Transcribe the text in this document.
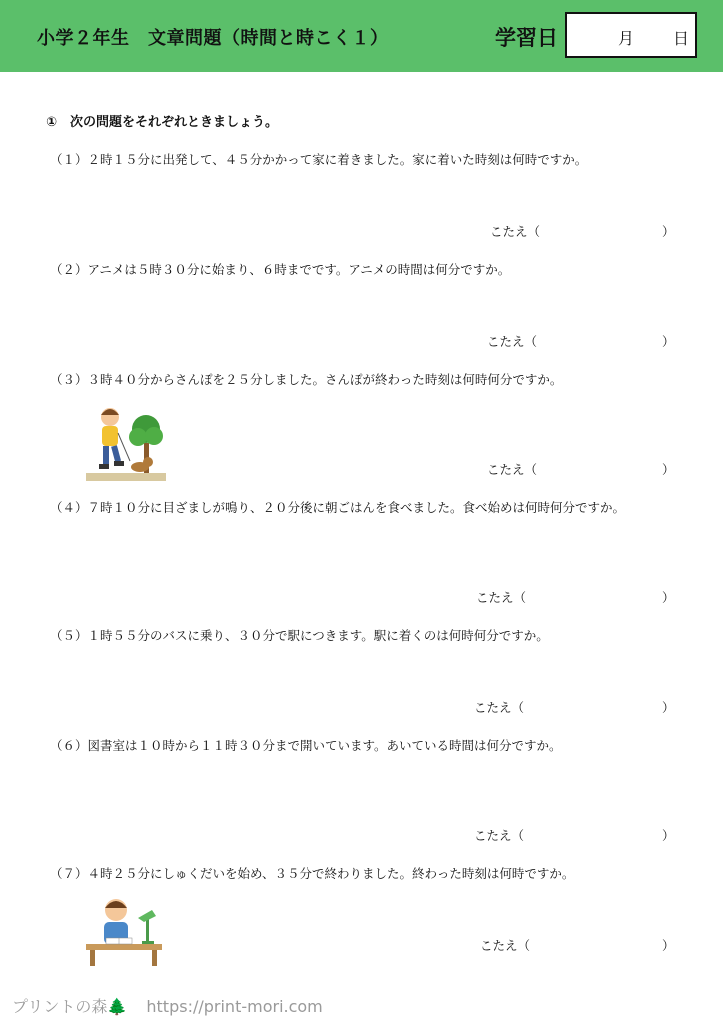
小学２年生　文章問題（時間と時こく１）	学習日	月 日
①　次の問題をそれぞれときましょう。
（１）２時１５分に出発して、４５分かかって家に着きました。家に着いた時刻は何時ですか。
こたえ（	）
（２）アニメは５時３０分に始まり、６時までです。アニメの時間は何分ですか。
こたえ（	）
（３）３時４０分からさんぽを２５分しました。さんぽが終わった時刻は何時何分ですか。
こたえ（	）
（４）７時１０分に目ざましが鳴り、２０分後に朝ごはんを食べました。食べ始めは何時何分ですか。
こたえ（	）
（５）１時５５分のバスに乗り、３０分で駅につきます。駅に着くのは何時何分ですか。
こたえ（	）
（６）図書室は１０時から１１時３０分まで開いています。あいている時間は何分ですか。
こたえ（	）
（７）４時２５分にしゅくだいを始め、３５分で終わりました。終わった時刻は何時ですか。
こたえ（	）
プリントの森🌲 https://print-mori.com
